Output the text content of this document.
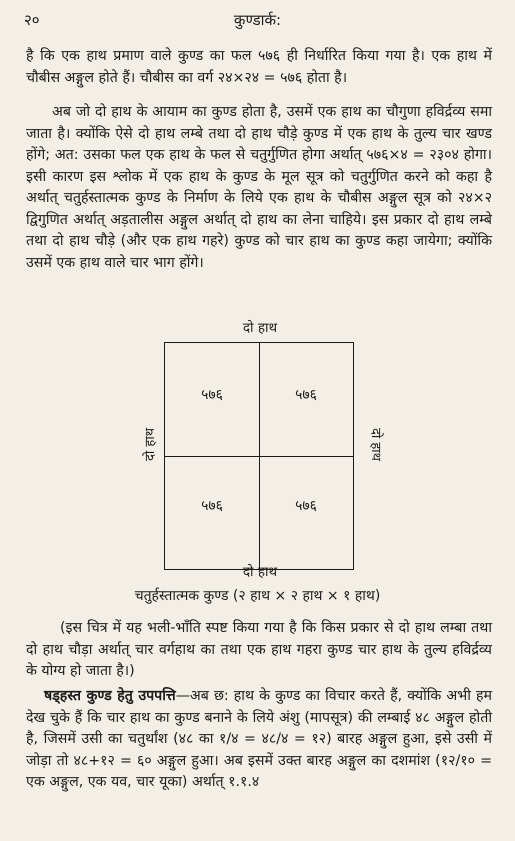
२०	कुण्डार्क:

है कि एक हाथ प्रमाण वाले कुण्ड का फल ५७६ ही निर्धारित किया गया है। एक हाथ में चौबीस अङ्गुल होते हैं। चौबीस का वर्ग २४×२४ = ५७६ होता है।

अब जो दो हाथ के आयाम का कुण्ड होता है, उसमें एक हाथ का चौगुणा हविर्द्रव्य समा जाता है। क्योंकि ऐसे दो हाथ लम्बे तथा दो हाथ चौड़े कुण्ड में एक हाथ के तुल्य चार खण्ड होंगे; अत: उसका फल एक हाथ के फल से चतुर्गुणित होगा अर्थात् ५७६×४ = २३०४ होगा। इसी कारण इस श्लोक में एक हाथ के कुण्ड के मूल सूत्र को चतुर्गुणित करने को कहा है अर्थात् चतुर्हस्तात्मक कुण्ड के निर्माण के लिये एक हाथ के चौबीस अङ्गुल सूत्र को २४×२ द्विगुणित अर्थात् अड़तालीस अङ्गुल अर्थात् दो हाथ का लेना चाहिये। इस प्रकार दो हाथ लम्बे तथा दो हाथ चौड़े (और एक हाथ गहरे) कुण्ड को चार हाथ का कुण्ड कहा जायेगा; क्योंकि उसमें एक हाथ वाले चार भाग होंगे।

दो हाथ
दो हाथ
५७६	५७६
५७६	५७६
दो हाथ
दो हाथ
चतुर्हस्तात्मक कुण्ड (२ हाथ × २ हाथ × १ हाथ)

(इस चित्र में यह भली-भाँति स्पष्ट किया गया है कि किस प्रकार से दो हाथ लम्बा तथा दो हाथ चौड़ा अर्थात् चार वर्गहाथ का तथा एक हाथ गहरा कुण्ड चार हाथ के तुल्य हविर्द्रव्य के योग्य हो जाता है।)

षड्हस्त कुण्ड हेतु उपपत्ति—अब छ: हाथ के कुण्ड का विचार करते हैं, क्योंकि अभी हम देख चुके हैं कि चार हाथ का कुण्ड बनाने के लिये अंशु (मापसूत्र) की लम्बाई ४८ अङ्गुल होती है, जिसमें उसी का चतुर्थांश (४८ का १/४ = ४८/४ = १२) बारह अङ्गुल हुआ, इसे उसी में जोड़ा तो ४८+१२ = ६० अङ्गुल हुआ। अब इसमें उक्त बारह अङ्गुल का दशमांश (१२/१० = एक अङ्गुल, एक यव, चार यूका) अर्थात् १.१.४
